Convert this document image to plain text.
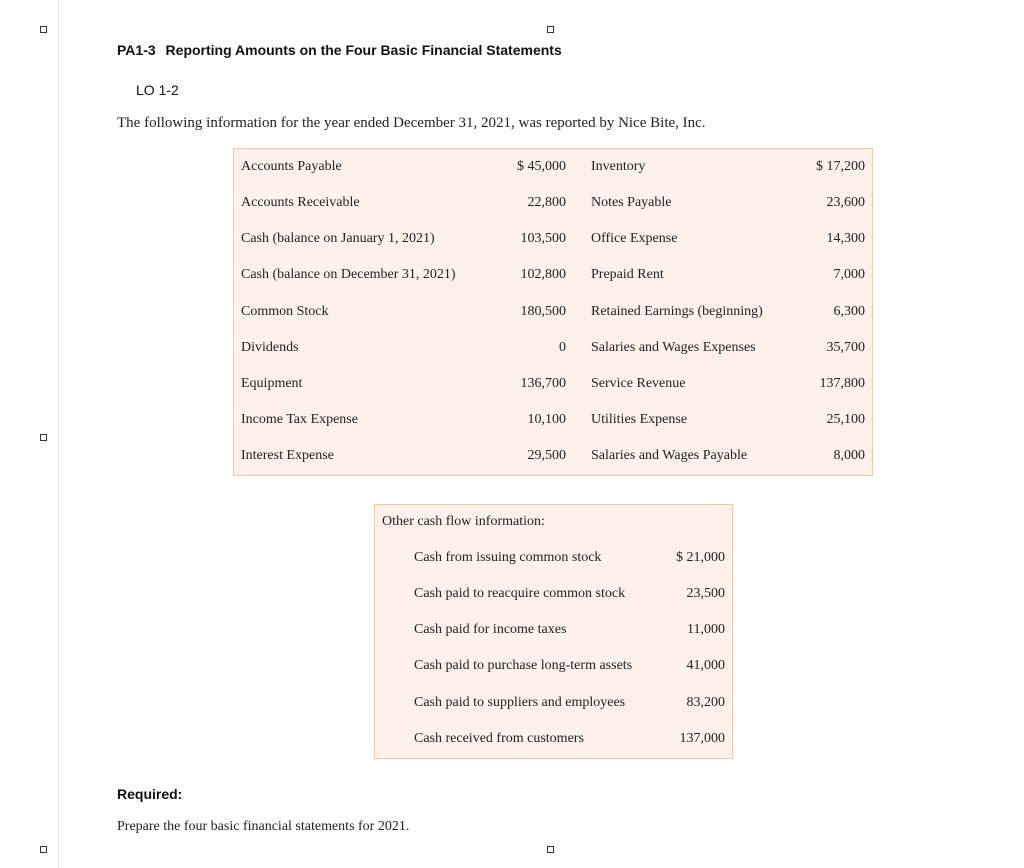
PA1-3 Reporting Amounts on the Four Basic Financial Statements
LO 1-2
The following information for the year ended December 31, 2021, was reported by Nice Bite, Inc.
Accounts Payable	$ 45,000 Inventory	$ 17,200
Accounts Receivable	22,800 Notes Payable	23,600
Cash (balance on January 1, 2021)	103,500 Office Expense	14,300
Cash (balance on December 31, 2021)	102,800 Prepaid Rent	7,000
Common Stock	180,500 Retained Earnings (beginning)	6,300
Dividends	0 Salaries and Wages Expenses	35,700
Equipment	136,700 Service Revenue	137,800
Income Tax Expense	10,100 Utilities Expense	25,100
Interest Expense	29,500 Salaries and Wages Payable	8,000
Other cash flow information:
Cash from issuing common stock	$ 21,000
Cash paid to reacquire common stock	23,500
Cash paid for income taxes	11,000
Cash paid to purchase long-term assets	41,000
Cash paid to suppliers and employees	83,200
Cash received from customers	137,000
Required:
Prepare the four basic financial statements for 2021.
